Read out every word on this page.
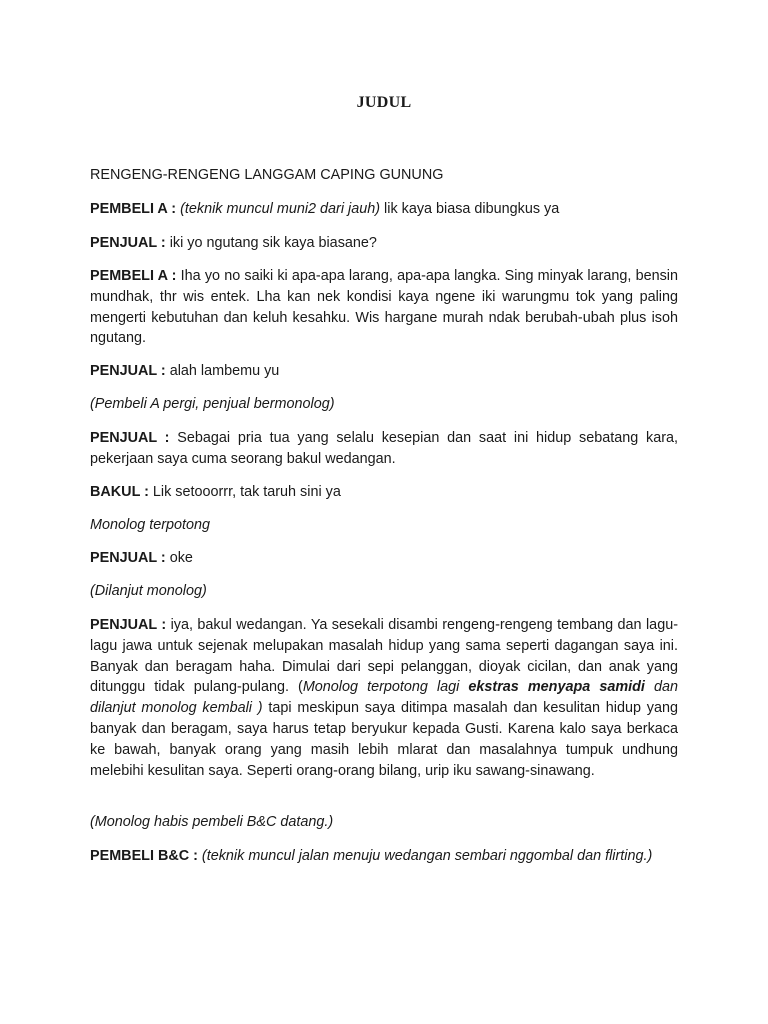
JUDUL

RENGENG-RENGENG LANGGAM CAPING GUNUNG

PEMBELI A : (teknik muncul muni2 dari jauh) lik kaya biasa dibungkus ya

PENJUAL : iki yo ngutang sik kaya biasane?

PEMBELI A : Iha yo no saiki ki apa-apa larang, apa-apa langka. Sing minyak larang, bensin mundhak, thr wis entek. Lha kan nek kondisi kaya ngene iki warungmu tok yang paling mengerti kebutuhan dan keluh kesahku. Wis hargane murah ndak berubah-ubah plus isoh ngutang.

PENJUAL : alah lambemu yu

(Pembeli A pergi, penjual bermonolog)

PENJUAL : Sebagai pria tua yang selalu kesepian dan saat ini hidup sebatang kara, pekerjaan saya cuma seorang bakul wedangan.

BAKUL : Lik setooorrr, tak taruh sini ya

Monolog terpotong

PENJUAL : oke

(Dilanjut monolog)

PENJUAL : iya, bakul wedangan. Ya sesekali disambi rengeng-rengeng tembang dan lagu-lagu jawa untuk sejenak melupakan masalah hidup yang sama seperti dagangan saya ini. Banyak dan beragam haha. Dimulai dari sepi pelanggan, dioyak cicilan, dan anak yang ditunggu tidak pulang-pulang. (Monolog terpotong lagi ekstras menyapa samidi dan dilanjut monolog kembali ) tapi meskipun saya ditimpa masalah dan kesulitan hidup yang banyak dan beragam, saya harus tetap beryukur kepada Gusti. Karena kalo saya berkaca ke bawah, banyak orang yang masih lebih mlarat dan masalahnya tumpuk undhung melebihi kesulitan saya. Seperti orang-orang bilang, urip iku sawang-sinawang.

(Monolog habis pembeli B&C datang.)

PEMBELI B&C : (teknik muncul jalan menuju wedangan sembari nggombal dan flirting.)
